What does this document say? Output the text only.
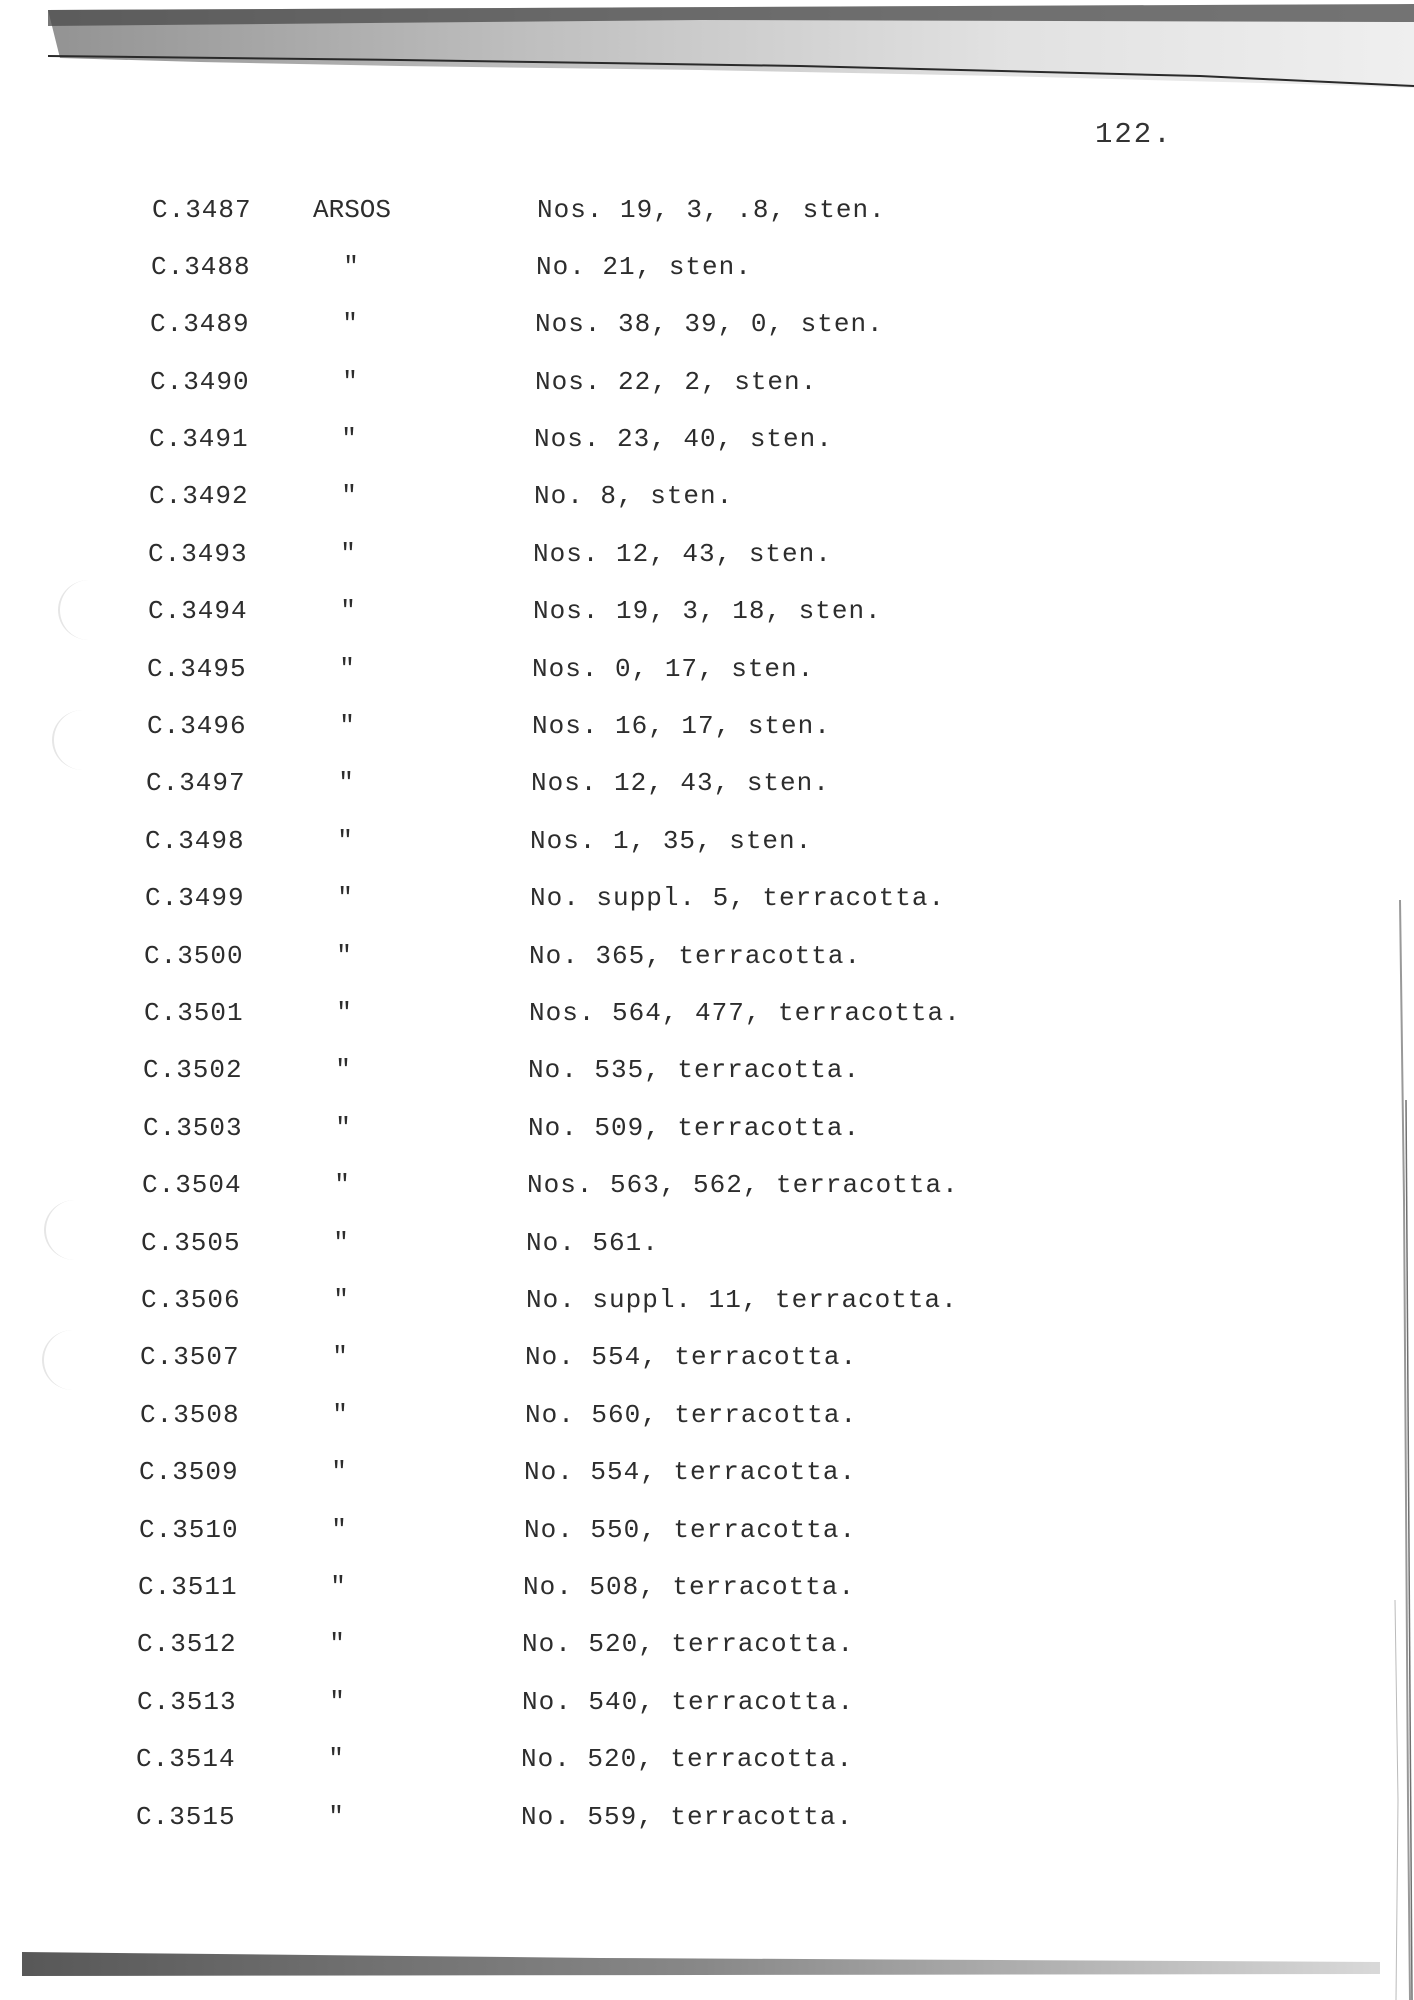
122.
C.3487	ARSOS	Nos. 19, 3, .8, sten.
C.3488	"	No. 21, sten.
C.3489	"	Nos. 38, 39, 0, sten.
C.3490	"	Nos. 22, 2, sten.
C.3491	"	Nos. 23, 40, sten.
C.3492	"	No. 8, sten.
C.3493	"	Nos. 12, 43, sten.
C.3494	"	Nos. 19, 3, 18, sten.
C.3495	"	Nos. 0, 17, sten.
C.3496	"	Nos. 16, 17, sten.
C.3497	"	Nos. 12, 43, sten.
C.3498	"	Nos. 1, 35, sten.
C.3499	"	No. suppl. 5, terracotta.
C.3500	"	No. 365, terracotta.
C.3501	"	Nos. 564, 477, terracotta.
C.3502	"	No. 535, terracotta.
C.3503	"	No. 509, terracotta.
C.3504	"	Nos. 563, 562, terracotta.
C.3505	"	No. 561.
C.3506	"	No. suppl. 11, terracotta.
C.3507	"	No. 554, terracotta.
C.3508	"	No. 560, terracotta.
C.3509	"	No. 554, terracotta.
C.3510	"	No. 550, terracotta.
C.3511	"	No. 508, terracotta.
C.3512	"	No. 520, terracotta.
C.3513	"	No. 540, terracotta.
C.3514	"	No. 520, terracotta.
C.3515	"	No. 559, terracotta.
